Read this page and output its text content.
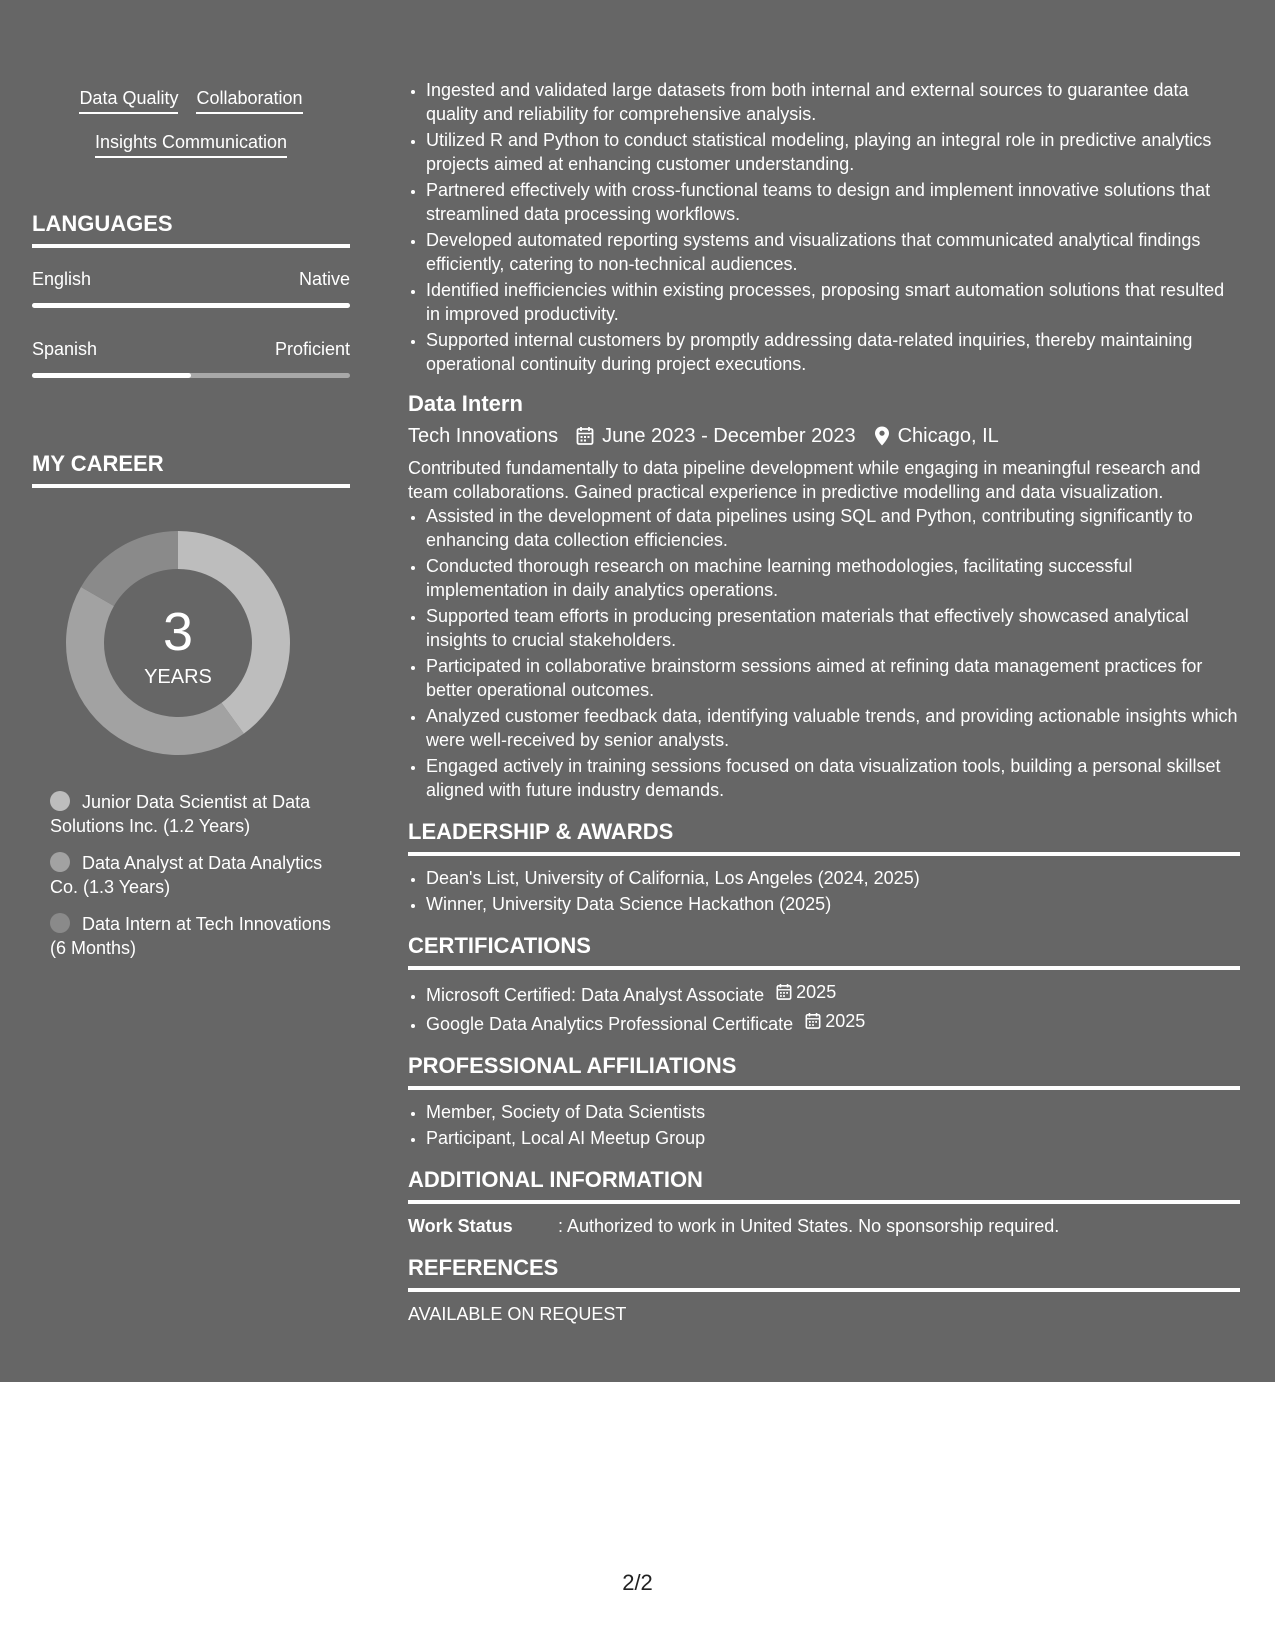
Data Quality Collaboration
Insights Communication
LANGUAGES
English	Native
Spanish	Proficient
MY CAREER
3
YEARS
Junior Data Scientist at Data Solutions Inc. (1.2 Years)
Data Analyst at Data Analytics Co. (1.3 Years)
Data Intern at Tech Innovations (6 Months)
• Ingested and validated large datasets from both internal and external sources to guarantee data quality and reliability for comprehensive analysis.
• Utilized R and Python to conduct statistical modeling, playing an integral role in predictive analytics projects aimed at enhancing customer understanding.
• Partnered effectively with cross-functional teams to design and implement innovative solutions that streamlined data processing workflows.
• Developed automated reporting systems and visualizations that communicated analytical findings efficiently, catering to non-technical audiences.
• Identified inefficiencies within existing processes, proposing smart automation solutions that resulted in improved productivity.
• Supported internal customers by promptly addressing data-related inquiries, thereby maintaining operational continuity during project executions.
Data Intern
Tech Innovations June 2023 - December 2023 Chicago, IL
Contributed fundamentally to data pipeline development while engaging in meaningful research and team collaborations. Gained practical experience in predictive modelling and data visualization.
• Assisted in the development of data pipelines using SQL and Python, contributing significantly to enhancing data collection efficiencies.
• Conducted thorough research on machine learning methodologies, facilitating successful implementation in daily analytics operations.
• Supported team efforts in producing presentation materials that effectively showcased analytical insights to crucial stakeholders.
• Participated in collaborative brainstorm sessions aimed at refining data management practices for better operational outcomes.
• Analyzed customer feedback data, identifying valuable trends, and providing actionable insights which were well-received by senior analysts.
• Engaged actively in training sessions focused on data visualization tools, building a personal skillset aligned with future industry demands.
LEADERSHIP & AWARDS
• Dean's List, University of California, Los Angeles (2024, 2025)
• Winner, University Data Science Hackathon (2025)
CERTIFICATIONS
• Microsoft Certified: Data Analyst Associate 2025
• Google Data Analytics Professional Certificate 2025
PROFESSIONAL AFFILIATIONS
• Member, Society of Data Scientists
• Participant, Local AI Meetup Group
ADDITIONAL INFORMATION
Work Status	: Authorized to work in United States. No sponsorship required.
REFERENCES
AVAILABLE ON REQUEST
2/2
